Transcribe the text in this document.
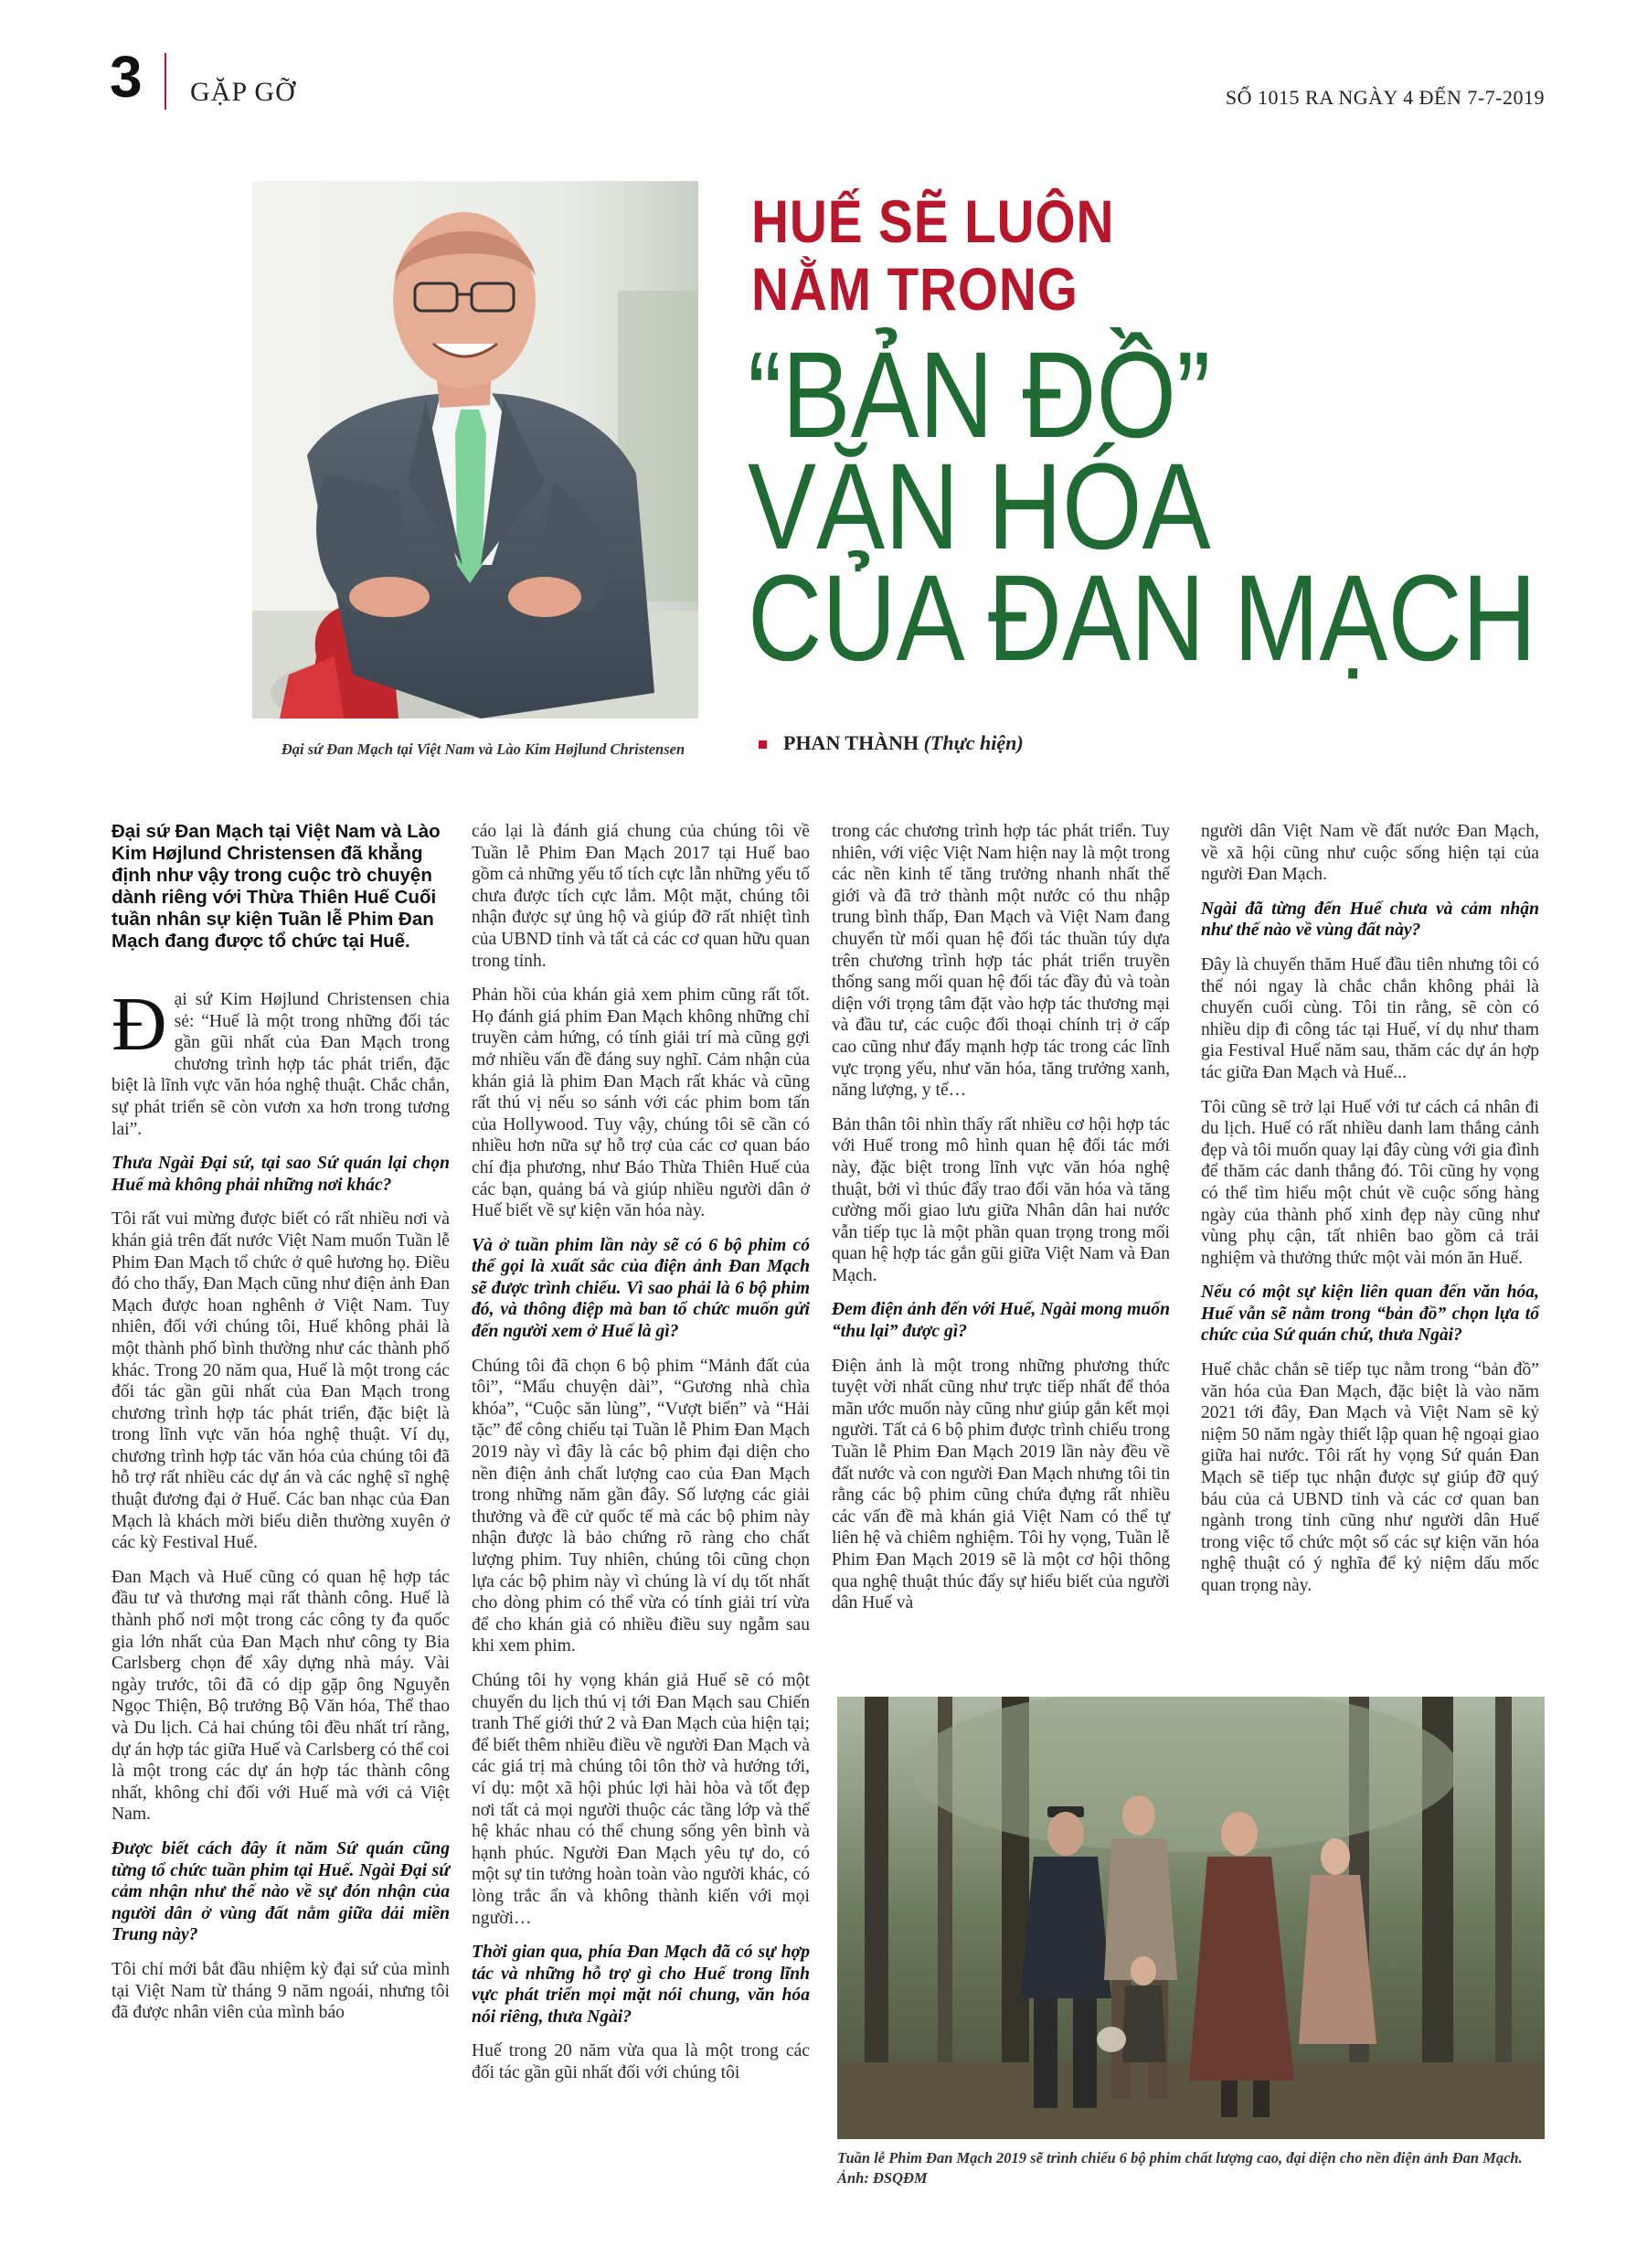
3 GẶP GỠ	SỐ 1015 RA NGÀY 4 ĐẾN 7-7-2019
Đại sứ Đan Mạch tại Việt Nam và Lào Kim Højlund Christensen
HUẾ SẼ LUÔN
NẰM TRONG
“BẢN ĐỒ”
VĂN HÓA
CỦA ĐAN MẠCH
PHAN THÀNH (Thực hiện)

Đại sứ Đan Mạch tại Việt Nam và Lào Kim Højlund Christensen đã khẳng định như vậy trong cuộc trò chuyện dành riêng với Thừa Thiên Huế Cuối tuần nhân sự kiện Tuần lễ Phim Đan Mạch đang được tổ chức tại Huế.

Đại sứ Kim Højlund Christensen chia sẻ: “Huế là một trong những đối tác gần gũi nhất của Đan Mạch trong chương trình hợp tác phát triển, đặc biệt là lĩnh vực văn hóa nghệ thuật. Chắc chắn, sự phát triển sẽ còn vươn xa hơn trong tương lai”.

Thưa Ngài Đại sứ, tại sao Sứ quán lại chọn Huế mà không phải những nơi khác?

Tôi rất vui mừng được biết có rất nhiều nơi và khán giả trên đất nước Việt Nam muốn Tuần lễ Phim Đan Mạch tổ chức ở quê hương họ. Điều đó cho thấy, Đan Mạch cũng như điện ảnh Đan Mạch được hoan nghênh ở Việt Nam. Tuy nhiên, đối với chúng tôi, Huế không phải là một thành phố bình thường như các thành phố khác. Trong 20 năm qua, Huế là một trong các đối tác gần gũi nhất của Đan Mạch trong chương trình hợp tác phát triển, đặc biệt là trong lĩnh vực văn hóa nghệ thuật. Ví dụ, chương trình hợp tác văn hóa của chúng tôi đã hỗ trợ rất nhiều các dự án và các nghệ sĩ nghệ thuật đương đại ở Huế. Các ban nhạc của Đan Mạch là khách mời biểu diễn thường xuyên ở các kỳ Festival Huế.

Đan Mạch và Huế cũng có quan hệ hợp tác đầu tư và thương mại rất thành công. Huế là thành phố nơi một trong các công ty đa quốc gia lớn nhất của Đan Mạch như công ty Bia Carlsberg chọn để xây dựng nhà máy. Vài ngày trước, tôi đã có dịp gặp ông Nguyễn Ngọc Thiện, Bộ trưởng Bộ Văn hóa, Thể thao và Du lịch. Cả hai chúng tôi đều nhất trí rằng, dự án hợp tác giữa Huế và Carlsberg có thể coi là một trong các dự án hợp tác thành công nhất, không chỉ đối với Huế mà với cả Việt Nam.

Được biết cách đây ít năm Sứ quán cũng từng tổ chức tuần phim tại Huế. Ngài Đại sứ cảm nhận như thế nào về sự đón nhận của người dân ở vùng đất nằm giữa dải miền Trung này?

Tôi chỉ mới bắt đầu nhiệm kỳ đại sứ của mình tại Việt Nam từ tháng 9 năm ngoái, nhưng tôi đã được nhân viên của mình báo

cáo lại là đánh giá chung của chúng tôi về Tuần lễ Phim Đan Mạch 2017 tại Huế bao gồm cả những yếu tố tích cực lẫn những yếu tố chưa được tích cực lắm. Một mặt, chúng tôi nhận được sự ủng hộ và giúp đỡ rất nhiệt tình của UBND tỉnh và tất cả các cơ quan hữu quan trong tỉnh.

Phản hồi của khán giả xem phim cũng rất tốt. Họ đánh giá phim Đan Mạch không những chỉ truyền cảm hứng, có tính giải trí mà cũng gợi mở nhiều vấn đề đáng suy nghĩ. Cảm nhận của khán giả là phim Đan Mạch rất khác và cũng rất thú vị nếu so sánh với các phim bom tấn của Hollywood. Tuy vậy, chúng tôi sẽ cần có nhiều hơn nữa sự hỗ trợ của các cơ quan báo chí địa phương, như Báo Thừa Thiên Huế của các bạn, quảng bá và giúp nhiều người dân ở Huế biết về sự kiện văn hóa này.

Và ở tuần phim lần này sẽ có 6 bộ phim có thể gọi là xuất sắc của điện ảnh Đan Mạch sẽ được trình chiếu. Vì sao phải là 6 bộ phim đó, và thông điệp mà ban tổ chức muốn gửi đến người xem ở Huế là gì?

Chúng tôi đã chọn 6 bộ phim “Mảnh đất của tôi”, “Mẩu chuyện dài”, “Gương nhà chìa khóa”, “Cuộc săn lùng”, “Vượt biển” và “Hải tặc” để công chiếu tại Tuần lễ Phim Đan Mạch 2019 này vì đây là các bộ phim đại diện cho nền điện ảnh chất lượng cao của Đan Mạch trong những năm gần đây. Số lượng các giải thưởng và đề cử quốc tế mà các bộ phim này nhận được là bảo chứng rõ ràng cho chất lượng phim. Tuy nhiên, chúng tôi cũng chọn lựa các bộ phim này vì chúng là ví dụ tốt nhất cho dòng phim có thể vừa có tính giải trí vừa để cho khán giả có nhiều điều suy ngẫm sau khi xem phim.

Chúng tôi hy vọng khán giả Huế sẽ có một chuyến du lịch thú vị tới Đan Mạch sau Chiến tranh Thế giới thứ 2 và Đan Mạch của hiện tại; để biết thêm nhiều điều về người Đan Mạch và các giá trị mà chúng tôi tôn thờ và hướng tới, ví dụ: một xã hội phúc lợi hài hòa và tốt đẹp nơi tất cả mọi người thuộc các tầng lớp và thế hệ khác nhau có thể chung sống yên bình và hạnh phúc. Người Đan Mạch yêu tự do, có một sự tin tưởng hoàn toàn vào người khác, có lòng trắc ẩn và không thành kiến với mọi người…

Thời gian qua, phía Đan Mạch đã có sự hợp tác và những hỗ trợ gì cho Huế trong lĩnh vực phát triển mọi mặt nói chung, văn hóa nói riêng, thưa Ngài?

Huế trong 20 năm vừa qua là một trong các đối tác gần gũi nhất đối với chúng tôi

trong các chương trình hợp tác phát triển. Tuy nhiên, với việc Việt Nam hiện nay là một trong các nền kinh tế tăng trưởng nhanh nhất thế giới và đã trở thành một nước có thu nhập trung bình thấp, Đan Mạch và Việt Nam đang chuyển từ mối quan hệ đối tác thuần túy dựa trên chương trình hợp tác phát triển truyền thống sang mối quan hệ đối tác đầy đủ và toàn diện với trọng tâm đặt vào hợp tác thương mại và đầu tư, các cuộc đối thoại chính trị ở cấp cao cũng như đẩy mạnh hợp tác trong các lĩnh vực trọng yếu, như văn hóa, tăng trưởng xanh, năng lượng, y tế…

Bản thân tôi nhìn thấy rất nhiều cơ hội hợp tác với Huế trong mô hình quan hệ đối tác mới này, đặc biệt trong lĩnh vực văn hóa nghệ thuật, bởi vì thúc đẩy trao đổi văn hóa và tăng cường mối giao lưu giữa Nhân dân hai nước vẫn tiếp tục là một phần quan trọng trong mối quan hệ hợp tác gắn gũi giữa Việt Nam và Đan Mạch.

Đem điện ảnh đến với Huế, Ngài mong muốn “thu lại” được gì?

Điện ảnh là một trong những phương thức tuyệt vời nhất cũng như trực tiếp nhất để thỏa mãn ước muốn này cũng như giúp gắn kết mọi người. Tất cả 6 bộ phim được trình chiếu trong Tuần lễ Phim Đan Mạch 2019 lần này đều về đất nước và con người Đan Mạch nhưng tôi tin rằng các bộ phim cũng chứa đựng rất nhiều các vấn đề mà khán giả Việt Nam có thể tự liên hệ và chiêm nghiệm. Tôi hy vọng, Tuần lễ Phim Đan Mạch 2019 sẽ là một cơ hội thông qua nghệ thuật thúc đẩy sự hiểu biết của người dân Huế và

người dân Việt Nam về đất nước Đan Mạch, về xã hội cũng như cuộc sống hiện tại của người Đan Mạch.

Ngài đã từng đến Huế chưa và cảm nhận như thế nào về vùng đất này?

Đây là chuyến thăm Huế đầu tiên nhưng tôi có thể nói ngay là chắc chắn không phải là chuyến cuối cùng. Tôi tin rằng, sẽ còn có nhiều dịp đi công tác tại Huế, ví dụ như tham gia Festival Huế năm sau, thăm các dự án hợp tác giữa Đan Mạch và Huế...

Tôi cũng sẽ trở lại Huế với tư cách cá nhân đi du lịch. Huế có rất nhiều danh lam thắng cảnh đẹp và tôi muốn quay lại đây cùng với gia đình để thăm các danh thắng đó. Tôi cũng hy vọng có thể tìm hiểu một chút về cuộc sống hàng ngày của thành phố xinh đẹp này cũng như vùng phụ cận, tất nhiên bao gồm cả trải nghiệm và thưởng thức một vài món ăn Huế.

Nếu có một sự kiện liên quan đến văn hóa, Huế vẫn sẽ nằm trong “bản đồ” chọn lựa tổ chức của Sứ quán chứ, thưa Ngài?

Huế chắc chắn sẽ tiếp tục nằm trong “bản đồ” văn hóa của Đan Mạch, đặc biệt là vào năm 2021 tới đây, Đan Mạch và Việt Nam sẽ kỷ niệm 50 năm ngày thiết lập quan hệ ngoại giao giữa hai nước. Tôi rất hy vọng Sứ quán Đan Mạch sẽ tiếp tục nhận được sự giúp đỡ quý báu của cả UBND tỉnh và các cơ quan ban ngành trong tỉnh cũng như người dân Huế trong việc tổ chức một số các sự kiện văn hóa nghệ thuật có ý nghĩa để kỷ niệm dấu mốc quan trọng này.

Tuần lễ Phim Đan Mạch 2019 sẽ trình chiếu 6 bộ phim chất lượng cao, đại diện cho nền điện ảnh Đan Mạch. Ảnh: ĐSQĐM
